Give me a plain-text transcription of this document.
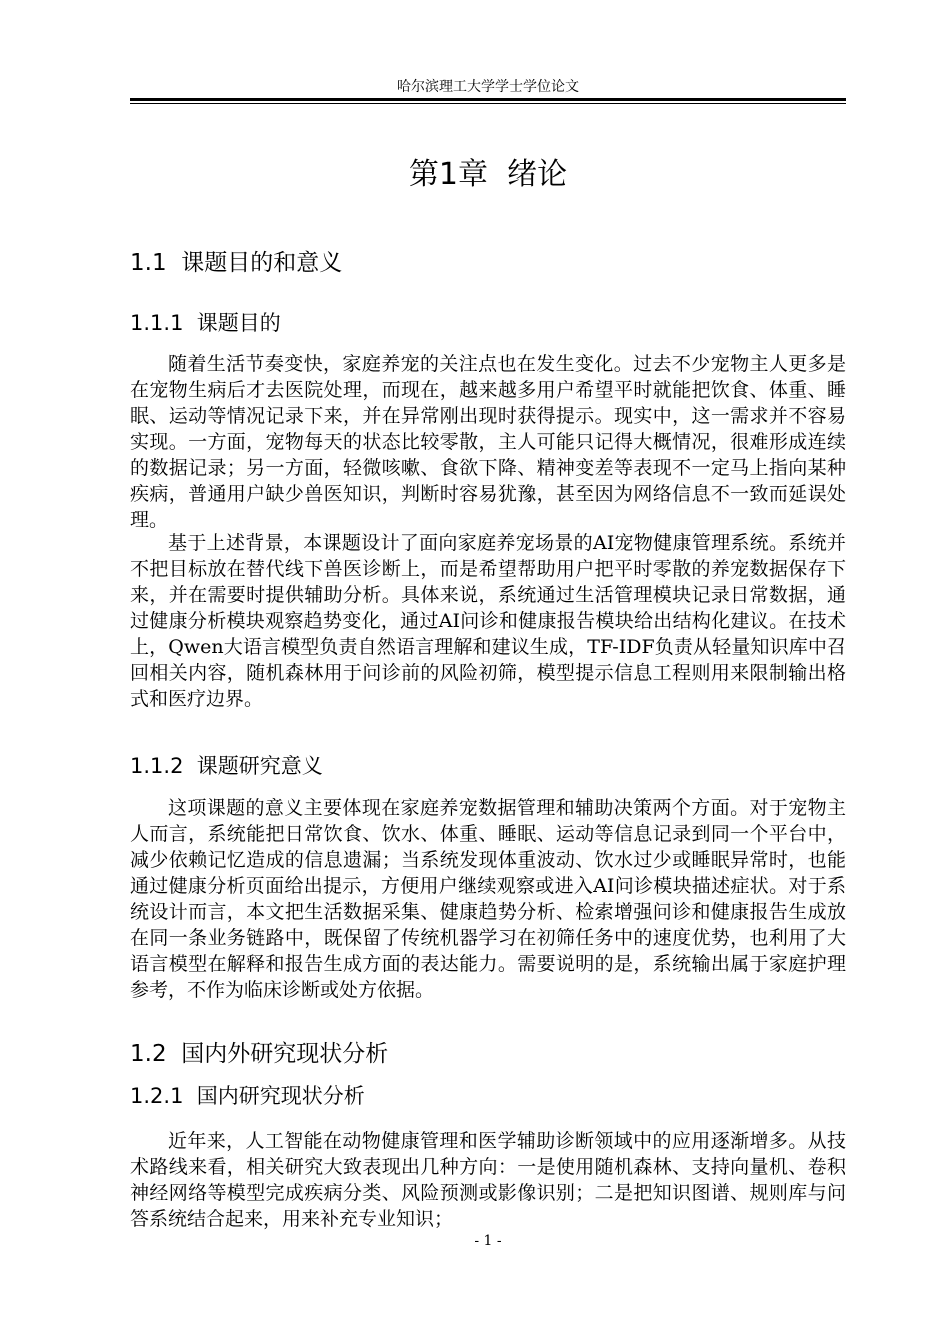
哈尔滨理工大学学士学位论文
第1章  绪论
1.1  课题目的和意义
1.1.1  课题目的

随着生活节奏变快，家庭养宠的关注点也在发生变化。过去不少宠物主人更多是在宠物生病后才去医院处理，而现在，越来越多用户希望平时就能把饮食、体重、睡眠、运动等情况记录下来，并在异常刚出现时获得提示。现实中，这一需求并不容易实现。一方面，宠物每天的状态比较零散，主人可能只记得大概情况，很难形成连续的数据记录；另一方面，轻微咳嗽、食欲下降、精神变差等表现不一定马上指向某种疾病，普通用户缺少兽医知识，判断时容易犹豫，甚至因为网络信息不一致而延误处理。

基于上述背景，本课题设计了面向家庭养宠场景的AI宠物健康管理系统。系统并不把目标放在替代线下兽医诊断上，而是希望帮助用户把平时零散的养宠数据保存下来，并在需要时提供辅助分析。具体来说，系统通过生活管理模块记录日常数据，通过健康分析模块观察趋势变化，通过AI问诊和健康报告模块给出结构化建议。在技术上，Qwen大语言模型负责自然语言理解和建议生成，TF-IDF负责从轻量知识库中召回相关内容，随机森林用于问诊前的风险初筛，模型提示信息工程则用来限制输出格式和医疗边界。

1.1.2  课题研究意义

这项课题的意义主要体现在家庭养宠数据管理和辅助决策两个方面。对于宠物主人而言，系统能把日常饮食、饮水、体重、睡眠、运动等信息记录到同一个平台中，减少依赖记忆造成的信息遗漏；当系统发现体重波动、饮水过少或睡眠异常时，也能通过健康分析页面给出提示，方便用户继续观察或进入AI问诊模块描述症状。对于系统设计而言，本文把生活数据采集、健康趋势分析、检索增强问诊和健康报告生成放在同一条业务链路中，既保留了传统机器学习在初筛任务中的速度优势，也利用了大语言模型在解释和报告生成方面的表达能力。需要说明的是，系统输出属于家庭护理参考，不作为临床诊断或处方依据。

1.2  国内外研究现状分析
1.2.1  国内研究现状分析

近年来，人工智能在动物健康管理和医学辅助诊断领域中的应用逐渐增多。从技术路线来看，相关研究大致表现出几种方向：一是使用随机森林、支持向量机、卷积神经网络等模型完成疾病分类、风险预测或影像识别；二是把知识图谱、规则库与问答系统结合起来，用来补充专业知识；

- 1 -
